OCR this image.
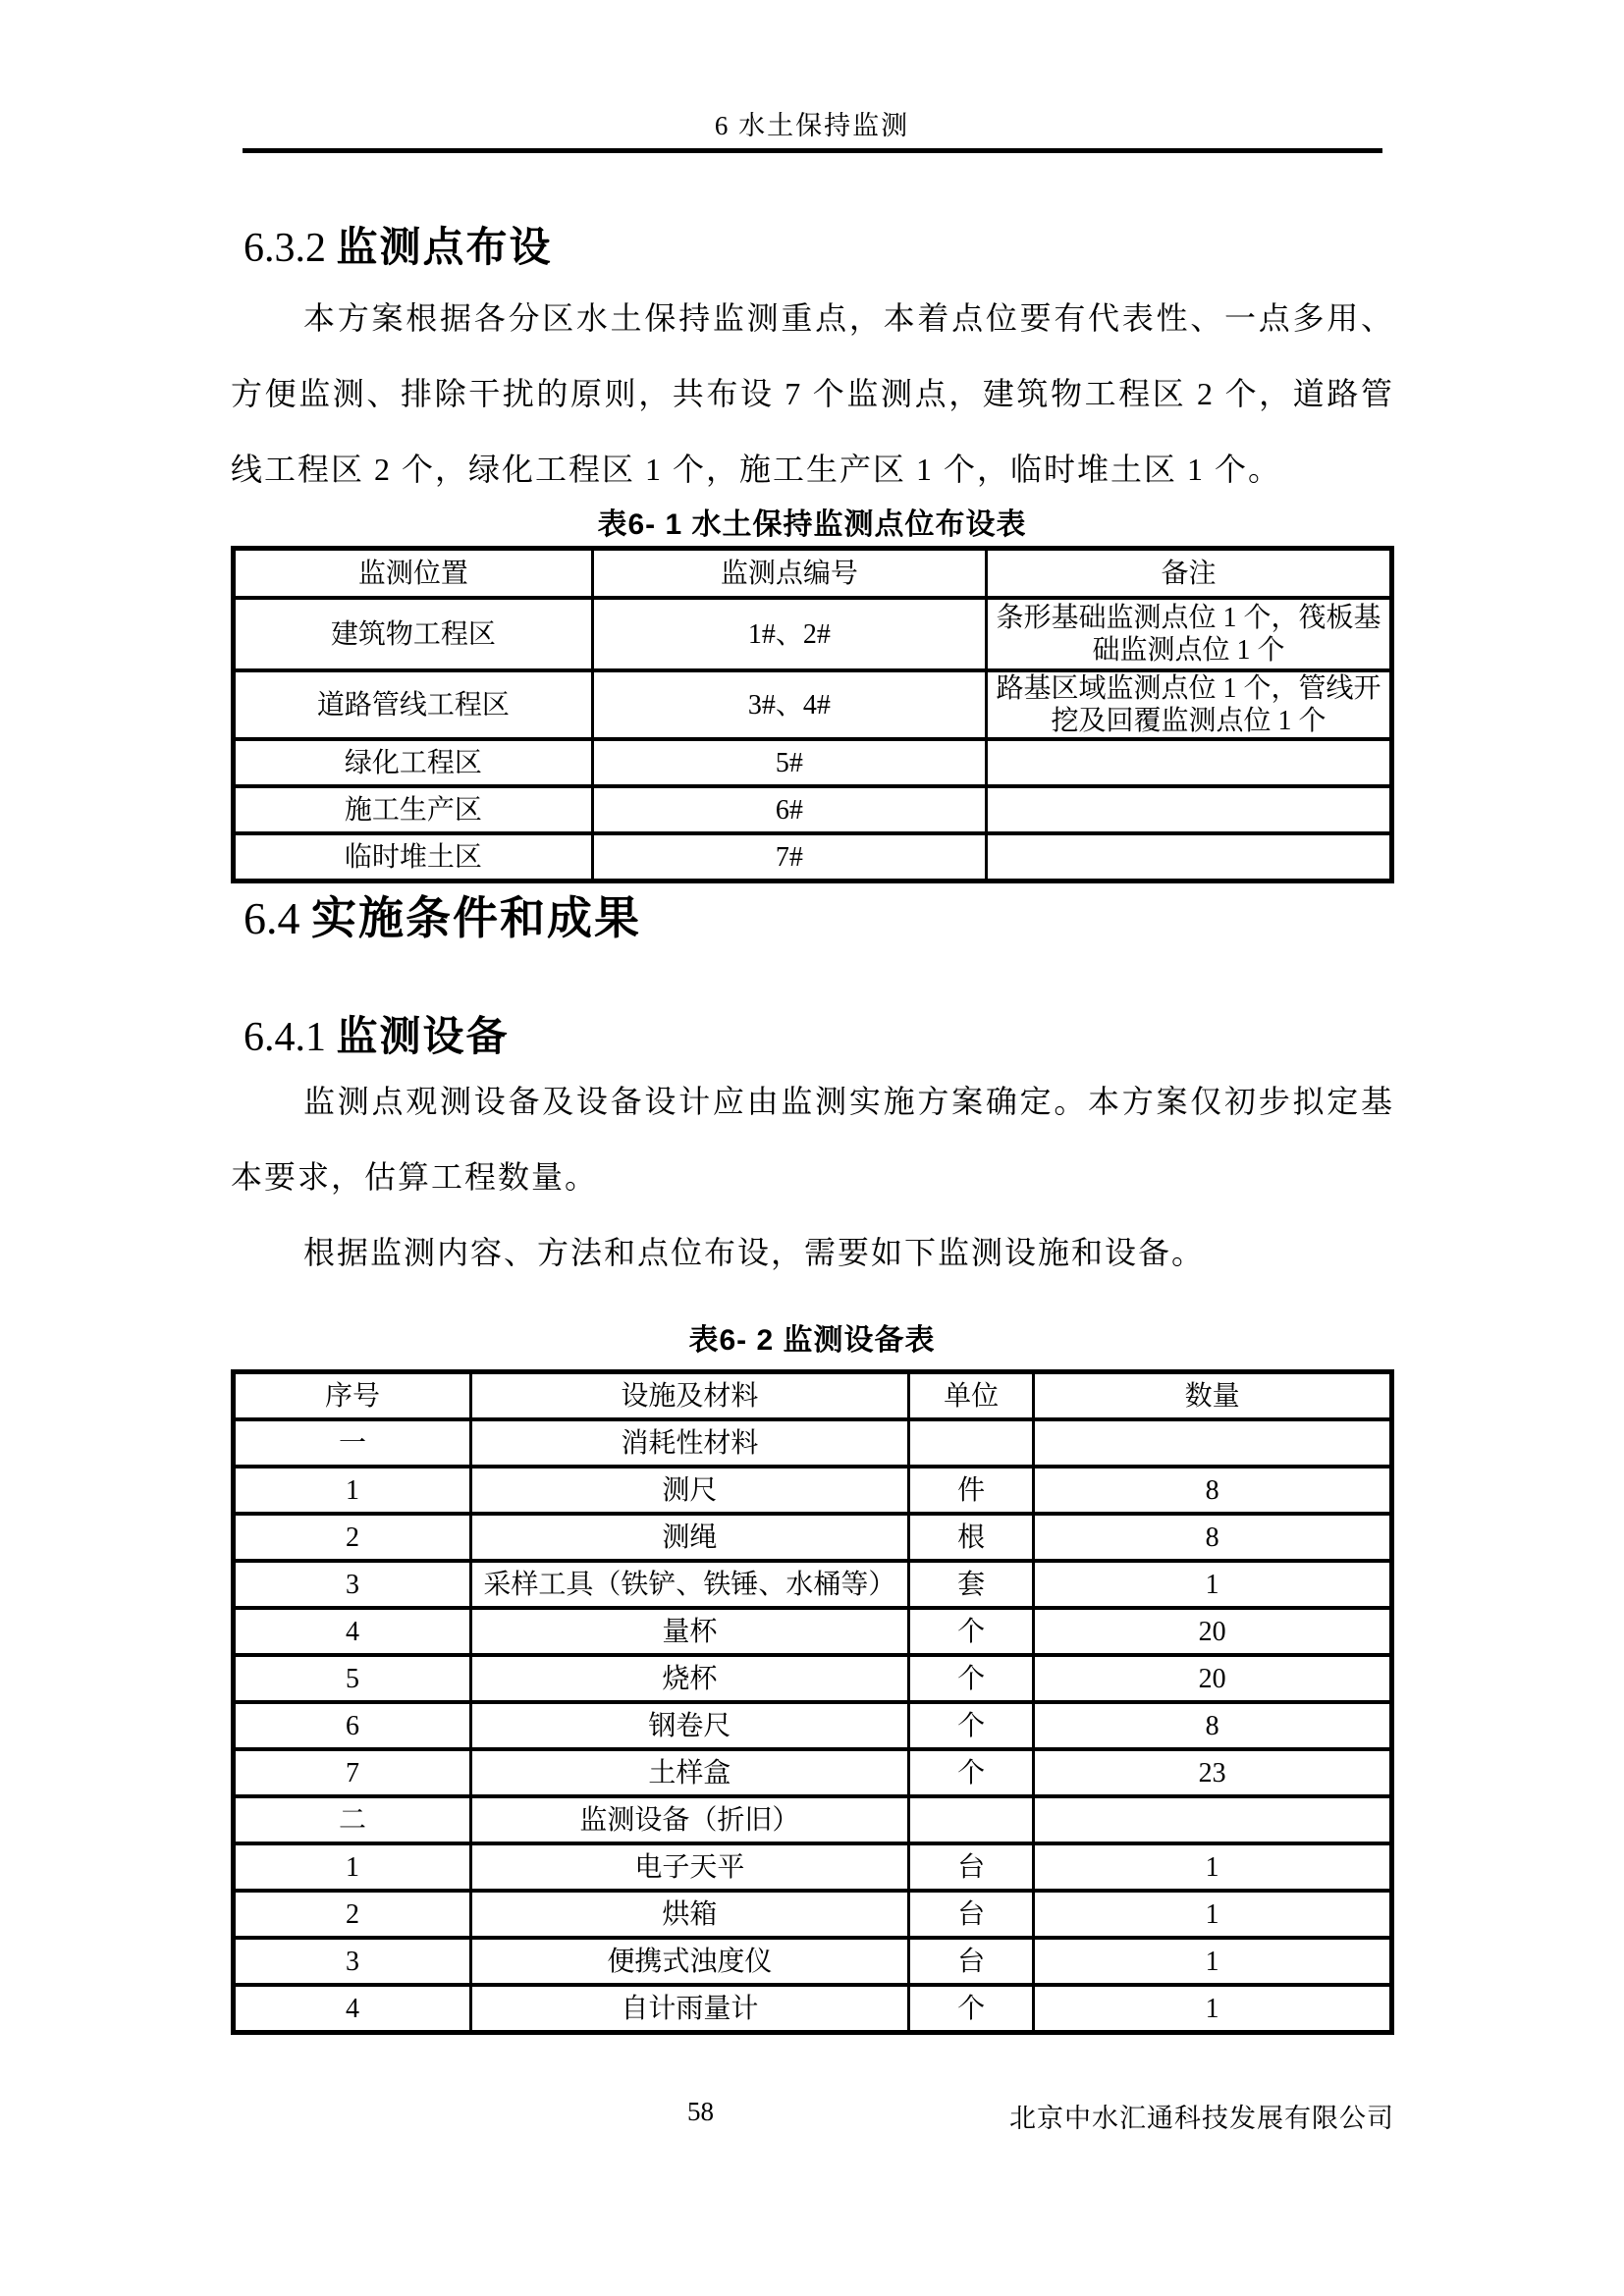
6 水土保持监测
6.3.2 监测点布设
本方案根据各分区水土保持监测重点，本着点位要有代表性、一点多用、方便监测、排除干扰的原则，共布设 7 个监测点，建筑物工程区 2 个，道路管线工程区 2 个，绿化工程区 1 个，施工生产区 1 个，临时堆土区 1 个。
表6- 1 水土保持监测点位布设表
监测位置	监测点编号	备注
建筑物工程区	1#、2#	条形基础监测点位 1 个，筏板基础监测点位 1 个
道路管线工程区	3#、4#	路基区域监测点位 1 个，管线开挖及回覆监测点位 1 个
绿化工程区	5#	
施工生产区	6#	
临时堆土区	7#	
6.4 实施条件和成果
6.4.1 监测设备
监测点观测设备及设备设计应由监测实施方案确定。本方案仅初步拟定基本要求，估算工程数量。
根据监测内容、方法和点位布设，需要如下监测设施和设备。
表6- 2 监测设备表
序号	设施及材料	单位	数量
一	消耗性材料		
1	测尺	件	8
2	测绳	根	8
3	采样工具（铁铲、铁锤、水桶等）	套	1
4	量杯	个	20
5	烧杯	个	20
6	钢卷尺	个	8
7	土样盒	个	23
二	监测设备（折旧）		
1	电子天平	台	1
2	烘箱	台	1
3	便携式浊度仪	台	1
4	自计雨量计	个	1
58	北京中水汇通科技发展有限公司
